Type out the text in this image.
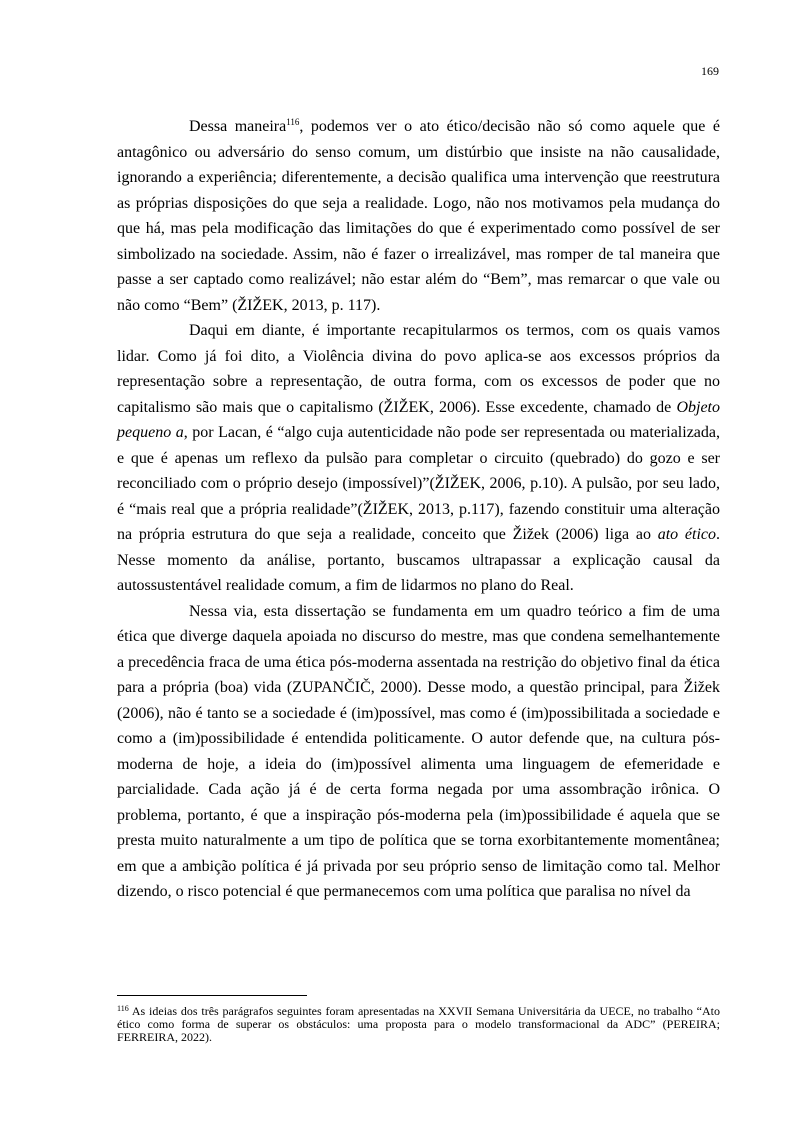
169

Dessa maneira$^{116}$, podemos ver o ato ético/decisão não só como aquele que é antagônico ou adversário do senso comum, um distúrbio que insiste na não causalidade, ignorando a experiência; diferentemente, a decisão qualifica uma intervenção que reestrutura as próprias disposições do que seja a realidade. Logo, não nos motivamos pela mudança do que há, mas pela modificação das limitações do que é experimentado como possível de ser simbolizado na sociedade. Assim, não é fazer o irrealizável, mas romper de tal maneira que passe a ser captado como realizável; não estar além do “Bem”, mas remarcar o que vale ou não como “Bem” (ŽIŽEK, 2013, p. 117).

Daqui em diante, é importante recapitularmos os termos, com os quais vamos lidar. Como já foi dito, a Violência divina do povo aplica-se aos excessos próprios da representação sobre a representação, de outra forma, com os excessos de poder que no capitalismo são mais que o capitalismo (ŽIŽEK, 2006). Esse excedente, chamado de Objeto pequeno a, por Lacan, é “algo cuja autenticidade não pode ser representada ou materializada, e que é apenas um reflexo da pulsão para completar o circuito (quebrado) do gozo e ser reconciliado com o próprio desejo (impossível)”(ŽIŽEK, 2006, p.10). A pulsão, por seu lado, é “mais real que a própria realidade”(ŽIŽEK, 2013, p.117), fazendo constituir uma alteração na própria estrutura do que seja a realidade, conceito que Žižek (2006) liga ao ato ético. Nesse momento da análise, portanto, buscamos ultrapassar a explicação causal da autossustentável realidade comum, a fim de lidarmos no plano do Real.

Nessa via, esta dissertação se fundamenta em um quadro teórico a fim de uma ética que diverge daquela apoiada no discurso do mestre, mas que condena semelhantemente a precedência fraca de uma ética pós-moderna assentada na restrição do objetivo final da ética para a própria (boa) vida (ZUPANČIČ, 2000). Desse modo, a questão principal, para Žižek (2006), não é tanto se a sociedade é (im)possível, mas como é (im)possibilitada a sociedade e como a (im)possibilidade é entendida politicamente. O autor defende que, na cultura pós-moderna de hoje, a ideia do (im)possível alimenta uma linguagem de efemeridade e parcialidade. Cada ação já é de certa forma negada por uma assombração irônica. O problema, portanto, é que a inspiração pós-moderna pela (im)possibilidade é aquela que se presta muito naturalmente a um tipo de política que se torna exorbitantemente momentânea; em que a ambição política é já privada por seu próprio senso de limitação como tal. Melhor dizendo, o risco potencial é que permanecemos com uma política que paralisa no nível da

$^{116}$ As ideias dos três parágrafos seguintes foram apresentadas na XXVII Semana Universitária da UECE, no trabalho “Ato ético como forma de superar os obstáculos: uma proposta para o modelo transformacional da ADC” (PEREIRA; FERREIRA, 2022).
